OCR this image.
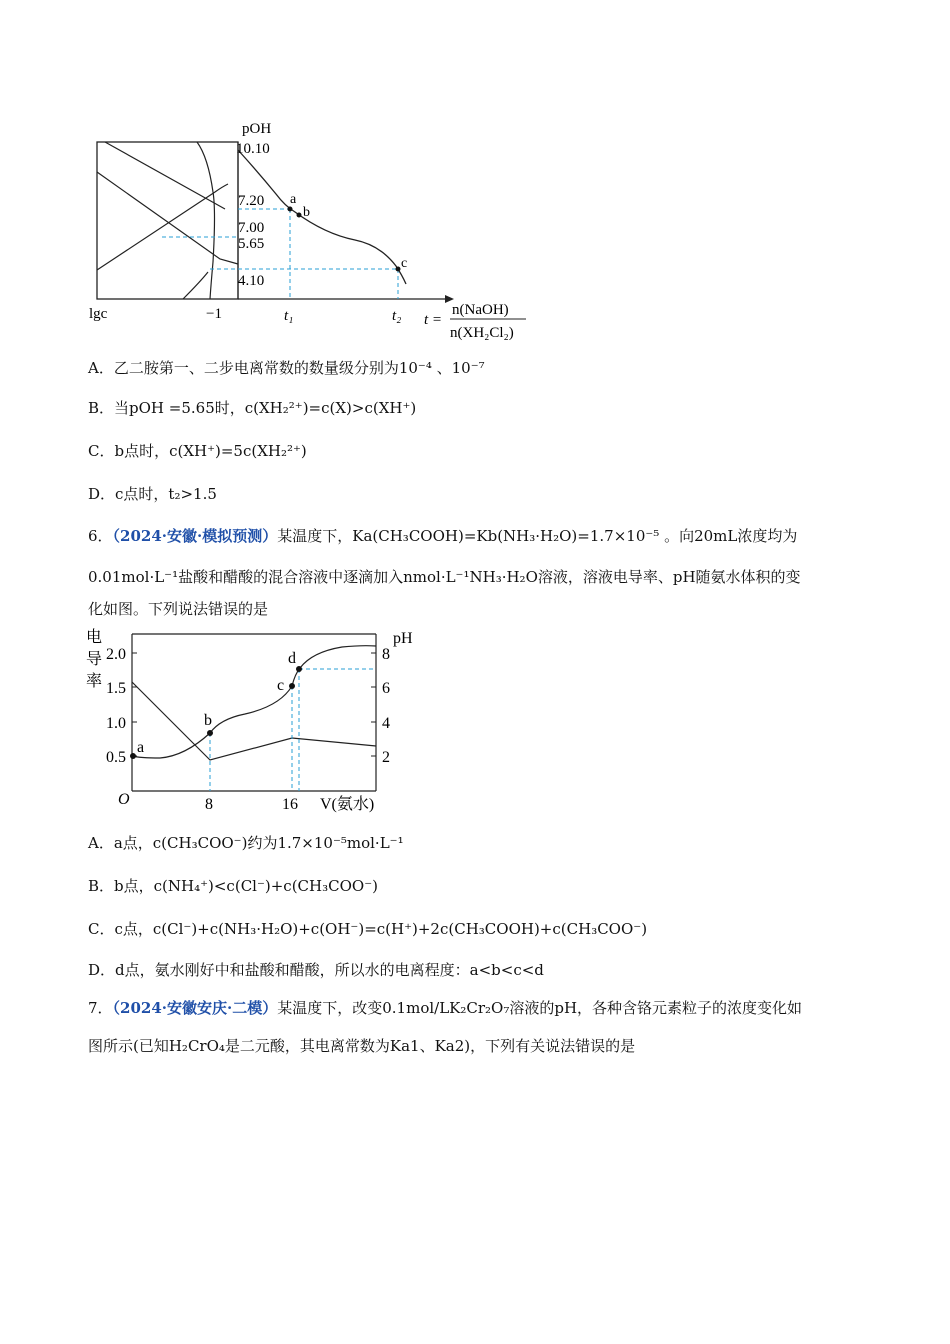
a
b
c
pOH
10.10
7.20
7.00
5.65
4.10
lgc	−1	t₁	t₂ t =
n(NaOH)
n(XH₂Cl₂)
A．乙二胺第一、二步电离常数的数量级分别为10⁻⁴ 、10⁻⁷
B．当pOH =5.65时，c(XH₂²⁺)=c(X)>c(XH⁺)
C．b点时，c(XH⁺)=5c(XH₂²⁺)
D．c点时，t₂>1.5
6．（2024·安徽·模拟预测）某温度下，Ka(CH₃COOH)=Kb(NH₃·H₂O)=1.7×10⁻⁵ 。向20mL浓度均为
0.01mol·L⁻¹盐酸和醋酸的混合溶液中逐滴加入nmol·L⁻¹NH₃·H₂O溶液，溶液电导率、pH随氨水体积的变
化如图。下列说法错误的是
a
b
c
d
电
导
率
2.0
1.5
1.0
0.5
pH
8
6
4
2
O	8	16 V(氨水)
A．a点，c(CH₃COO⁻)约为1.7×10⁻⁵mol·L⁻¹
B．b点，c(NH₄⁺)<c(Cl⁻)+c(CH₃COO⁻)
C．c点，c(Cl⁻)+c(NH₃·H₂O)+c(OH⁻)=c(H⁺)+2c(CH₃COOH)+c(CH₃COO⁻)
D．d点，氨水刚好中和盐酸和醋酸，所以水的电离程度：a<b<c<d
7．（2024·安徽安庆·二模）某温度下，改变0.1mol/LK₂Cr₂O₇溶液的pH，各种含铬元素粒子的浓度变化如
图所示(已知H₂CrO₄是二元酸，其电离常数为Ka1、Ka2)，下列有关说法错误的是
